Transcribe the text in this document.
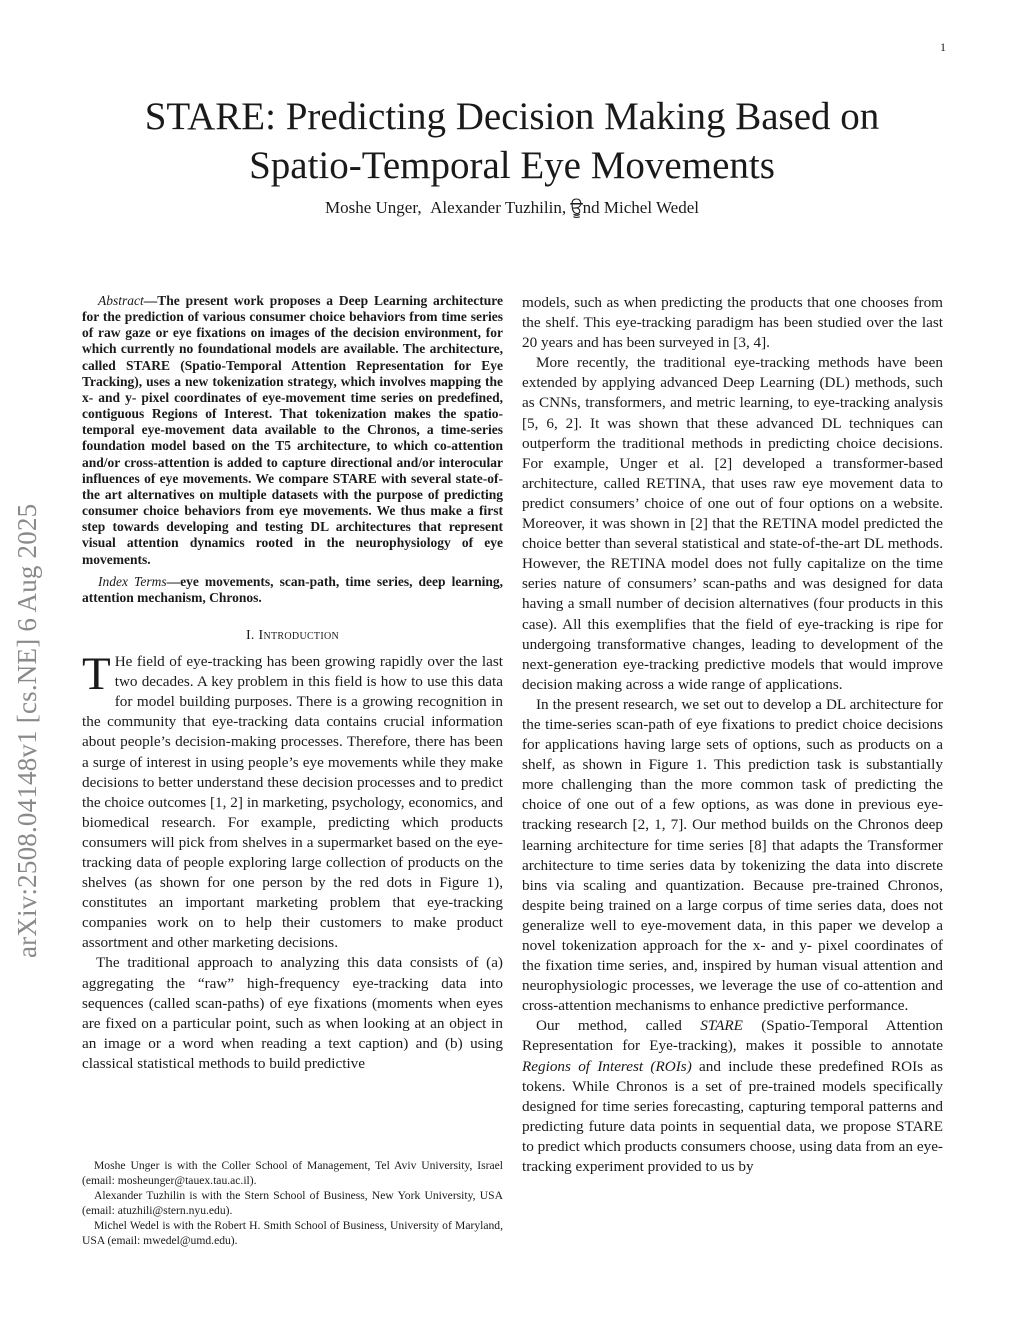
1
arXiv:2508.04148v1 [cs.NE] 6 Aug 2025
STARE: Predicting Decision Making Based on
Spatio-Temporal Eye Movements
Moshe Unger ,  Alexander Tuzhilin , ਊnd Michel Wedel

Abstract—The present work proposes a Deep Learning architecture for the prediction of various consumer choice behaviors from time series of raw gaze or eye fixations on images of the decision environment, for which currently no foundational models are available. The architecture, called STARE (Spatio-Temporal Attention Representation for Eye Tracking), uses a new tokenization strategy, which involves mapping the x- and y- pixel coordinates of eye-movement time series on predefined, contiguous Regions of Interest. That tokenization makes the spatio-temporal eye-movement data available to the Chronos, a time-series foundation model based on the T5 architecture, to which co-attention and/or cross-attention is added to capture directional and/or interocular influences of eye movements. We compare STARE with several state-of-the art alternatives on multiple datasets with the purpose of predicting consumer choice behaviors from eye movements. We thus make a first step towards developing and testing DL architectures that represent visual attention dynamics rooted in the neurophysiology of eye movements.

Index Terms—eye movements, scan-path, time series, deep learning, attention mechanism, Chronos.

I. Introduction

T He field of eye-tracking has been growing rapidly over the last two decades. A key problem in this field is how to use this data for model building purposes. There is a growing recognition in the community that eye-tracking data contains crucial information about people’s decision-making processes. Therefore, there has been a surge of interest in using people’s eye movements while they make decisions to better understand these decision processes and to predict the choice outcomes [1, 2] in marketing, psychology, economics, and biomedical research. For example, predicting which products consumers will pick from shelves in a supermarket based on the eye-tracking data of people exploring large collection of products on the shelves (as shown for one person by the red dots in Figure 1), constitutes an important marketing problem that eye-tracking companies work on to help their customers to make product assortment and other marketing decisions.

The traditional approach to analyzing this data consists of (a) aggregating the “raw” high-frequency eye-tracking data into sequences (called scan-paths) of eye fixations (moments when eyes are fixed on a particular point, such as when looking at an object in an image or a word when reading a text caption) and (b) using classical statistical methods to build predictive

Moshe Unger is with the Coller School of Management, Tel Aviv University, Israel (email: mosheunger@tauex.tau.ac.il).

Alexander Tuzhilin is with the Stern School of Business, New York University, USA (email: atuzhili@stern.nyu.edu).

Michel Wedel is with the Robert H. Smith School of Business, University of Maryland, USA (email: mwedel@umd.edu).

models, such as when predicting the products that one chooses from the shelf. This eye-tracking paradigm has been studied over the last 20 years and has been surveyed in [3, 4].

More recently, the traditional eye-tracking methods have been extended by applying advanced Deep Learning (DL) methods, such as CNNs, transformers, and metric learning, to eye-tracking analysis [5, 6, 2]. It was shown that these advanced DL techniques can outperform the traditional methods in predicting choice decisions. For example, Unger et al. [2] developed a transformer-based architecture, called RETINA, that uses raw eye movement data to predict consumers’ choice of one out of four options on a website. Moreover, it was shown in [2] that the RETINA model predicted the choice better than several statistical and state-of-the-art DL methods. However, the RETINA model does not fully capitalize on the time series nature of consumers’ scan-paths and was designed for data having a small number of decision alternatives (four products in this case). All this exemplifies that the field of eye-tracking is ripe for undergoing transformative changes, leading to development of the next-generation eye-tracking predictive models that would improve decision making across a wide range of applications.

In the present research, we set out to develop a DL architecture for the time-series scan-path of eye fixations to predict choice decisions for applications having large sets of options, such as products on a shelf, as shown in Figure 1. This prediction task is substantially more challenging than the more common task of predicting the choice of one out of a few options, as was done in previous eye-tracking research [2, 1, 7]. Our method builds on the Chronos deep learning architecture for time series [8] that adapts the Transformer architecture to time series data by tokenizing the data into discrete bins via scaling and quantization. Because pre-trained Chronos, despite being trained on a large corpus of time series data, does not generalize well to eye-movement data, in this paper we develop a novel tokenization approach for the x- and y- pixel coordinates of the fixation time series, and, inspired by human visual attention and neurophysiologic processes, we leverage the use of co-attention and cross-attention mechanisms to enhance predictive performance.

Our method, called STARE (Spatio-Temporal Attention Representation for Eye-tracking), makes it possible to annotate Regions of Interest (ROIs) and include these predefined ROIs as tokens. While Chronos is a set of pre-trained models specifically designed for time series forecasting, capturing temporal patterns and predicting future data points in sequential data, we propose STARE to predict which products consumers choose, using data from an eye-tracking experiment provided to us by
